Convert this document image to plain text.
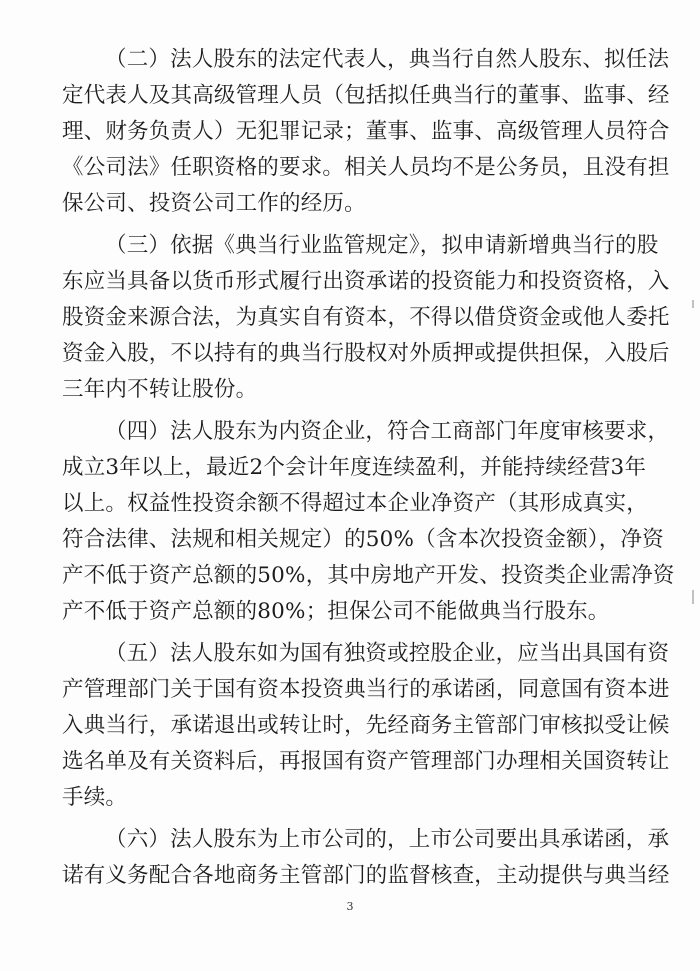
（二）法人股东的法定代表人，典当行自然人股东、拟任法
定代表人及其高级管理人员（包括拟任典当行的董事、监事、经
理、财务负责人）无犯罪记录；董事、监事、高级管理人员符合
《公司法》任职资格的要求。相关人员均不是公务员，且没有担
保公司、投资公司工作的经历。
（三）依据《典当行业监管规定》，拟申请新增典当行的股
东应当具备以货币形式履行出资承诺的投资能力和投资资格，入
股资金来源合法，为真实自有资本，不得以借贷资金或他人委托
资金入股，不以持有的典当行股权对外质押或提供担保，入股后
三年内不转让股份。
（四）法人股东为内资企业，符合工商部门年度审核要求，
成立3年以上，最近2个会计年度连续盈利，并能持续经营3年
以上。权益性投资余额不得超过本企业净资产（其形成真实，
符合法律、法规和相关规定）的50%（含本次投资金额），净资
产不低于资产总额的50%，其中房地产开发、投资类企业需净资
产不低于资产总额的80%；担保公司不能做典当行股东。
（五）法人股东如为国有独资或控股企业，应当出具国有资
产管理部门关于国有资本投资典当行的承诺函，同意国有资本进
入典当行，承诺退出或转让时，先经商务主管部门审核拟受让候
选名单及有关资料后，再报国有资产管理部门办理相关国资转让
手续。
（六）法人股东为上市公司的，上市公司要出具承诺函，承
诺有义务配合各地商务主管部门的监督核查，主动提供与典当经
3
